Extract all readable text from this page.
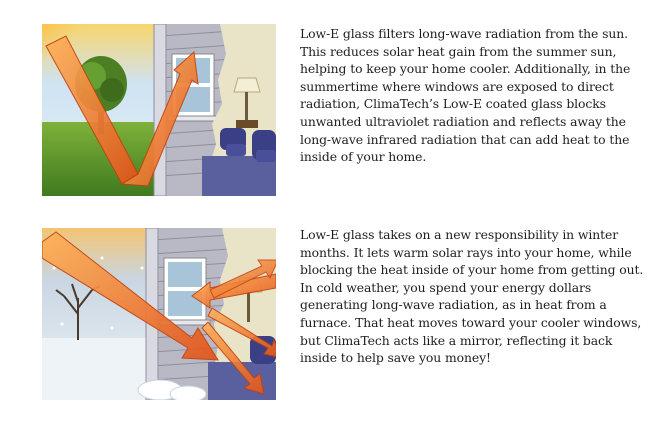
Low-E glass filters long-wave radiation from the sun. This reduces solar heat gain from the summer sun, helping to keep your home cooler. Additionally, in the summertime where windows are exposed to direct radiation, ClimaTech’s Low-E coated glass blocks unwanted ultraviolet radiation and reflects away the long-wave infrared radiation that can add heat to the inside of your home.

Low-E glass takes on a new responsibility in winter months. It lets warm solar rays into your home, while blocking the heat inside of your home from getting out. In cold weather, you spend your energy dollars generating long-wave radiation, as in heat from a furnace. That heat moves toward your cooler windows, but ClimaTech acts like a mirror, reflecting it back inside to help save you money!
